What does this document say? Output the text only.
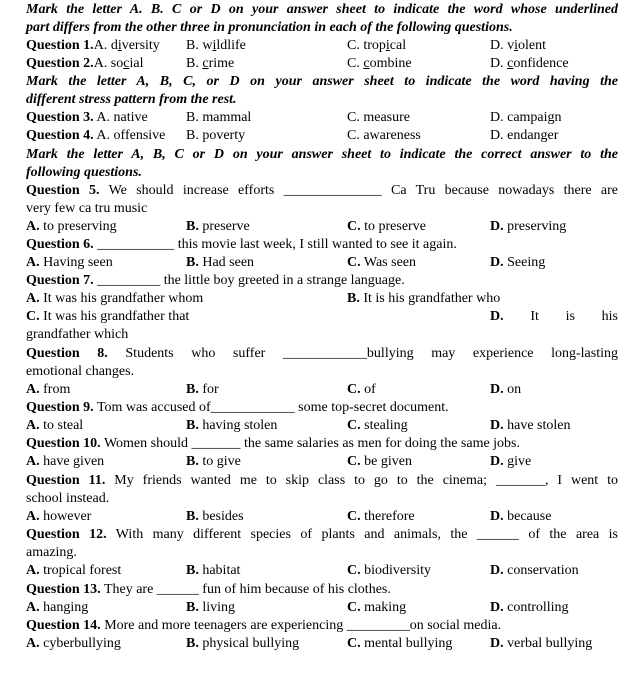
Mark the letter A. B. C or D on your answer sheet to indicate the word whose underlined
part differs from the other three in pronunciation in each of the following questions.
Question 1.A. diversity B. wildlife	C. tropical	D. violent
Question 2.A. social	B. crime	C. combine	D. confidence
Mark the letter A, B, C, or D on your answer sheet to indicate the word having the
different stress pattern from the rest.
Question 3. A. native	B. mammal	C. measure	D. campaign
Question 4. A. offensive B. poverty	C. awareness	D. endanger
Mark the letter A, B, C or D on your answer sheet to indicate the correct answer to the
following questions.
Question 5. We should increase efforts ______________ Ca Tru because nowadays there are
very few ca tru music
A. to preserving	B. preserve	C. to preserve	D. preserving
Question 6. ___________ this movie last week, I still wanted to see it again.
A. Having seen	B. Had seen	C. Was seen	D. Seeing
Question 7. _________ the little boy greeted in a strange language.
A. It was his grandfather whom	B. It is his grandfather who
C. It was his grandfather that	D. It is his
grandfather which
Question 8. Students who suffer ____________bullying may experience long-lasting
emotional changes.
A. from	B. for	C. of	D. on
Question 9. Tom was accused of____________ some top-secret document.
A. to steal	B. having stolen	C. stealing	D. have stolen
Question 10. Women should _______ the same salaries as men for doing the same jobs.
A. have given	B. to give	C. be given	D. give
Question 11. My friends wanted me to skip class to go to the cinema; _______, I went to
school instead.
A. however	B. besides	C. therefore	D. because
Question 12. With many different species of plants and animals, the ______ of the area is
amazing.
A. tropical forest	B. habitat	C. biodiversity	D. conservation
Question 13. They are ______ fun of him because of his clothes.
A. hanging	B. living	C. making	D. controlling
Question 14. More and more teenagers are experiencing _________on social media.
A. cyberbullying	B. physical bullying	C. mental bullying	D. verbal bullying
